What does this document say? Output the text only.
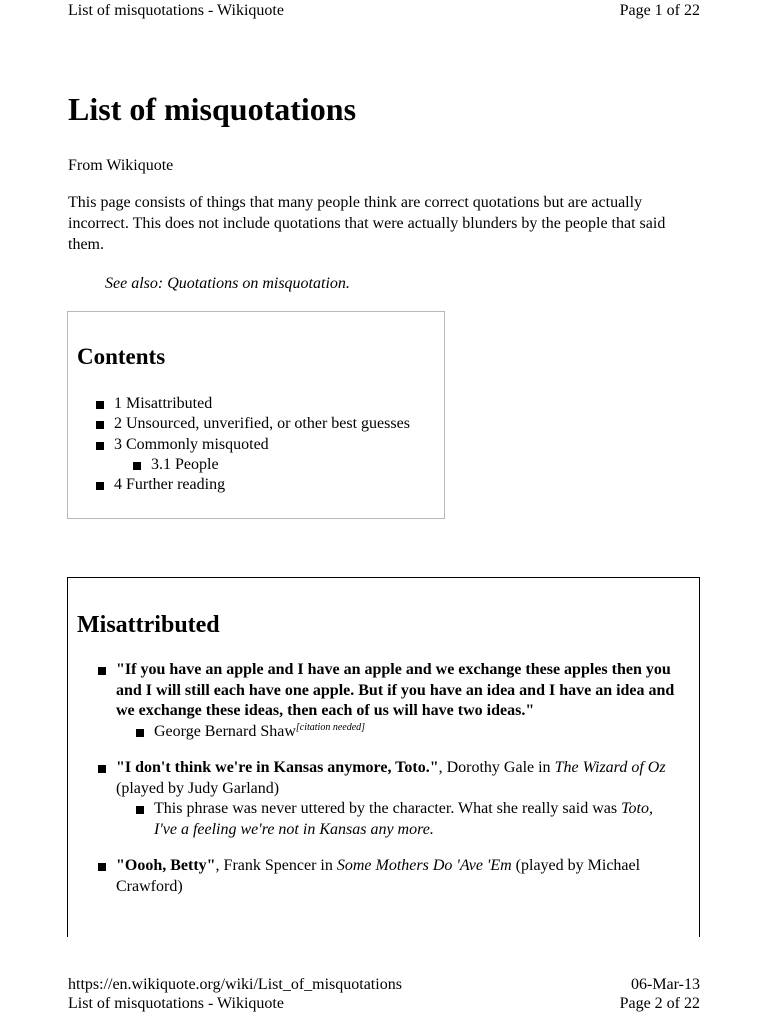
List of misquotations - Wikiquote	Page 1 of 22
List of misquotations

From Wikiquote

This page consists of things that many people think are correct quotations but are actually incorrect. This does not include quotations that were actually blunders by the people that said them.

See also: Quotations on misquotation.
Contents
1 Misattributed
2 Unsourced, unverified, or other best guesses
3 Commonly misquoted
3.1 People
4 Further reading
Misattributed
"If you have an apple and I have an apple and we exchange these apples then you and I will still each have one apple. But if you have an idea and I have an idea and we exchange these ideas, then each of us will have two ideas."
George Bernard Shaw[citation needed]
"I don't think we're in Kansas anymore, Toto.", Dorothy Gale in The Wizard of Oz (played by Judy Garland)
This phrase was never uttered by the character. What she really said was Toto, I've a feeling we're not in Kansas any more.
"Oooh, Betty", Frank Spencer in Some Mothers Do 'Ave 'Em (played by Michael Crawford)
https://en.wikiquote.org/wiki/List_of_misquotations	06-Mar-13
List of misquotations - Wikiquote	Page 2 of 22
